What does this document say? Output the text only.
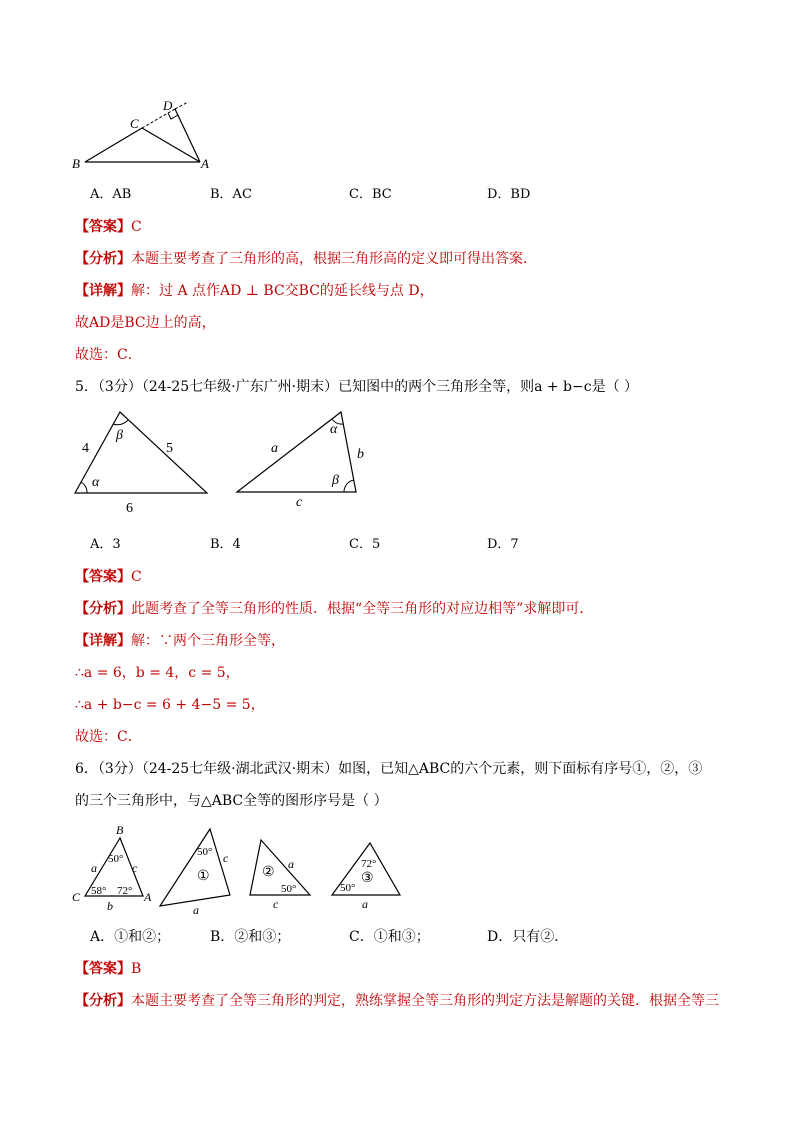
B
C
D
A
A．AB	B．AC	C．BC	D．BD
【答案】C
【分析】本题主要考查了三角形的高，根据三角形高的定义即可得出答案．
【详解】解：过 A 点作AD ⊥ BC交BC的延长线与点 D，
故AD是BC边上的高，
故选：C．
5．（3分）（24-25七年级·广东广州·期末）已知图中的两个三角形全等，则a + b−c是（ ）
4	5
6
β
α
a	b
c
α
β
A．3	B．4	C．5	D．7
【答案】C
【分析】此题考查了全等三角形的性质．根据“全等三角形的对应边相等”求解即可．
【详解】解：∵两个三角形全等，
∴a = 6，b = 4，c = 5，
∴a + b−c = 6 + 4−5 = 5，
故选：C．
6．（3分）（24-25七年级·湖北武汉·期末）如图，已知△ABC的六个元素，则下面标有序号①，②，③
的三个三角形中，与△ABC全等的图形序号是（ ）
B
a	c
C	A
b
50°
58° 72°
50° c
①
a
②
a
50°
c
72°
③
50°
a
A．①和②；	B．②和③；	C．①和③；	D．只有②．
【答案】B
【分析】本题主要考查了全等三角形的判定，熟练掌握全等三角形的判定方法是解题的关键．根据全等三
